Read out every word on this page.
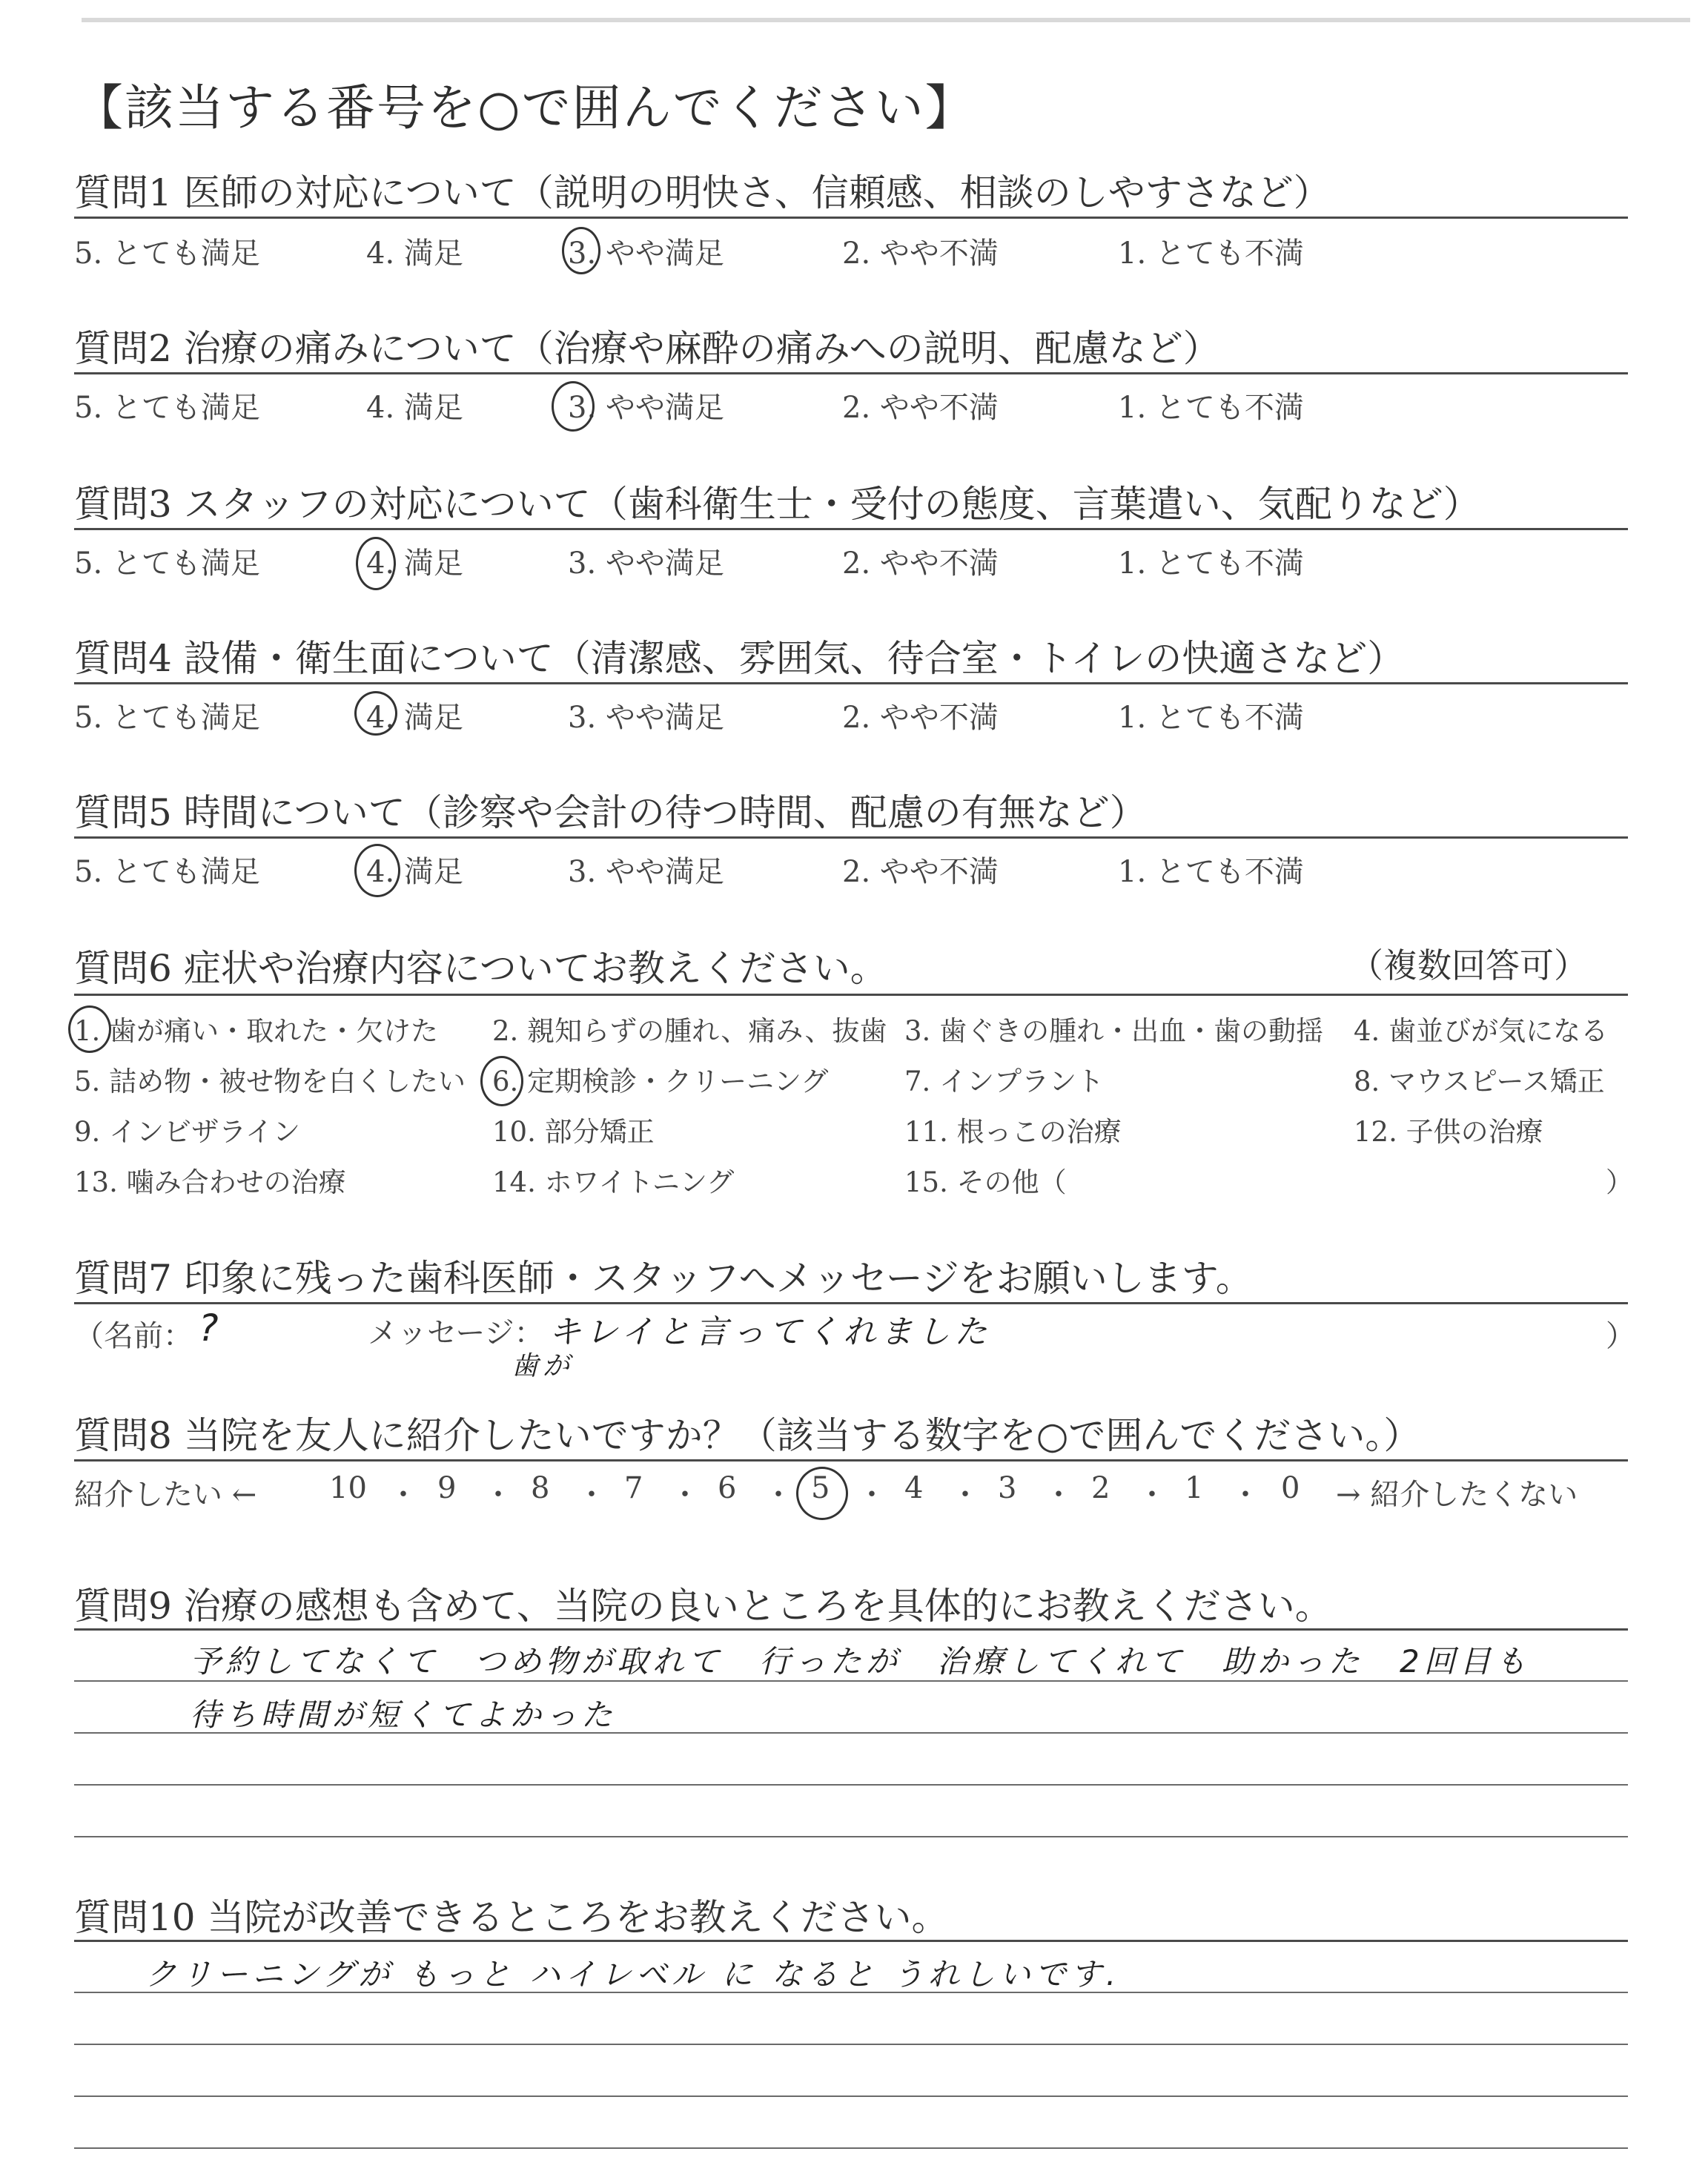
【該当する番号を○で囲んでください】
質問1 医師の対応について（説明の明快さ、信頼感、相談のしやすさなど）
5. とても満足	4. 満足	3. やや満足	2. やや不満	1. とても不満
質問2 治療の痛みについて（治療や麻酔の痛みへの説明、配慮など）
5. とても満足	4. 満足	3. やや満足	2. やや不満	1. とても不満
質問3 スタッフの対応について（歯科衛生士・受付の態度、言葉遣い、気配りなど）
5. とても満足	4. 満足	3. やや満足	2. やや不満	1. とても不満
質問4 設備・衛生面について（清潔感、雰囲気、待合室・トイレの快適さなど）
5. とても満足	4. 満足	3. やや満足	2. やや不満	1. とても不満
質問5 時間について（診察や会計の待つ時間、配慮の有無など）
5. とても満足	4. 満足	3. やや満足	2. やや不満	1. とても不満
質問6 症状や治療内容についてお教えください。	（複数回答可）
1. 歯が痛い・取れた・欠けた 2. 親知らずの腫れ、痛み、抜歯 3. 歯ぐきの腫れ・出血・歯の動揺 4. 歯並びが気になる
5. 詰め物・被せ物を白くしたい 6. 定期検診・クリーニング	7. インプラント	8. マウスピース矯正
9. インビザライン	10. 部分矯正	11. 根っこの治療	12. 子供の治療
13. 噛み合わせの治療	14. ホワイトニング	15. その他（	）
質問7 印象に残った歯科医師・スタッフへメッセージをお願いします。
（名前： ?	メッセージ： キレイと言ってくれました
歯が
）
質問8 当院を友人に紹介したいですか？（該当する数字を○で囲んでください。）
紹介したい ← 10 ・ 9 ・ 8 ・ 7 ・ 6 ・ 5 ・ 4 ・ 3 ・ 2 ・ 1 ・ 0 → 紹介したくない
質問9 治療の感想も含めて、当院の良いところを具体的にお教えください。
予約してなくて　つめ物が取れて　行ったが　治療してくれて　助かった　2回目も
待ち時間が短くてよかった
質問10 当院が改善できるところをお教えください。
クリーニングが もっと ハイレベル に なると うれしいです.
